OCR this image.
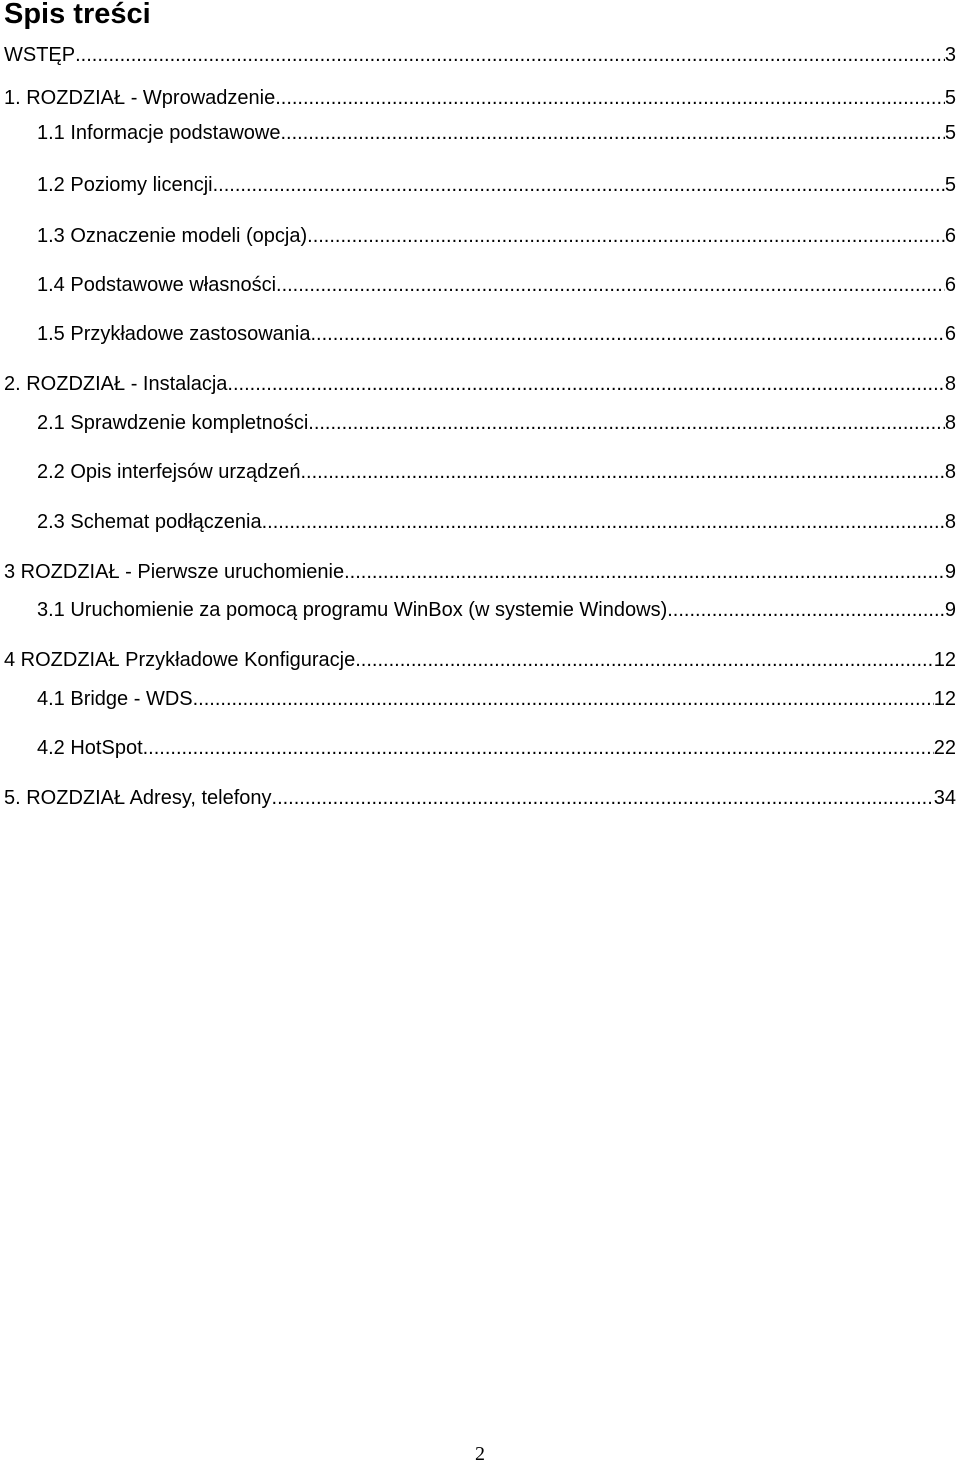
Spis treści
WSTĘP .....	3
1. ROZDZIAŁ - Wprowadzenie .....	5
1.1 Informacje podstawowe .....	5
1.2 Poziomy licencji .....	5
1.3 Oznaczenie modeli (opcja) .....	6
1.4 Podstawowe własności .....	6
1.5 Przykładowe zastosowania .....	6
2. ROZDZIAŁ - Instalacja .....	8
2.1 Sprawdzenie kompletności .....	8
2.2 Opis interfejsów urządzeń .....	8
2.3 Schemat podłączenia .....	8
3 ROZDZIAŁ - Pierwsze uruchomienie .....	9
3.1 Uruchomienie za pomocą programu WinBox (w systemie Windows) .....	9
4 ROZDZIAŁ Przykładowe Konfiguracje .....	12
4.1 Bridge - WDS .....	12
4.2 HotSpot .....	22
5. ROZDZIAŁ Adresy, telefony .....	34
2
